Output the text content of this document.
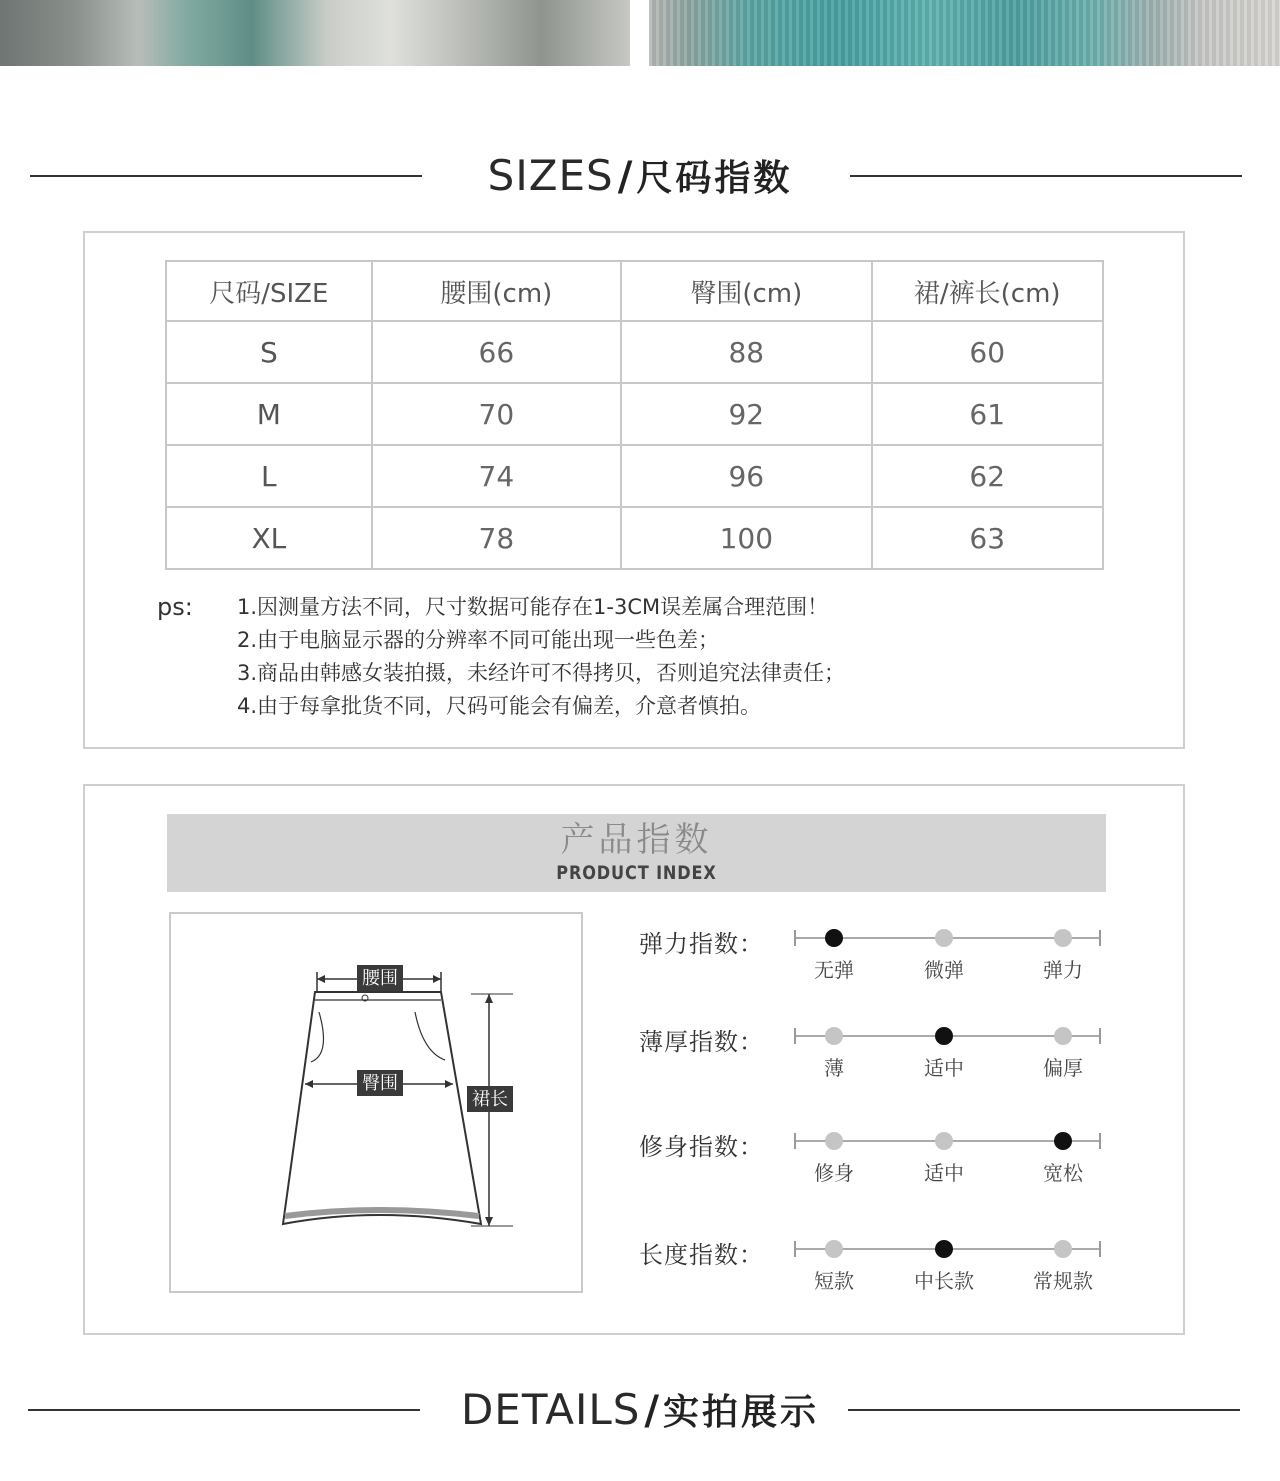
SIZES / 尺码指数
尺码/SIZE	腰围(cm)	臀围(cm)	裙/裤长(cm)
S	66	88	60
M	70	92	61
L	74	96	62
XL	78	100	63
ps: 1.因测量方法不同，尺寸数据可能存在1-3CM误差属合理范围！
2.由于电脑显示器的分辨率不同可能出现一些色差；
3.商品由韩感女装拍摄，未经许可不得拷贝，否则追究法律责任；
4.由于每拿批货不同，尺码可能会有偏差，介意者慎拍。
产品指数
PRODUCT INDEX
腰围
臀围
裙长
弹力指数：
无弹	微弹	弹力
薄厚指数：
薄	适中	偏厚
修身指数：
修身	适中	宽松
长度指数：
短款	中长款	常规款
DETAILS / 实拍展示
